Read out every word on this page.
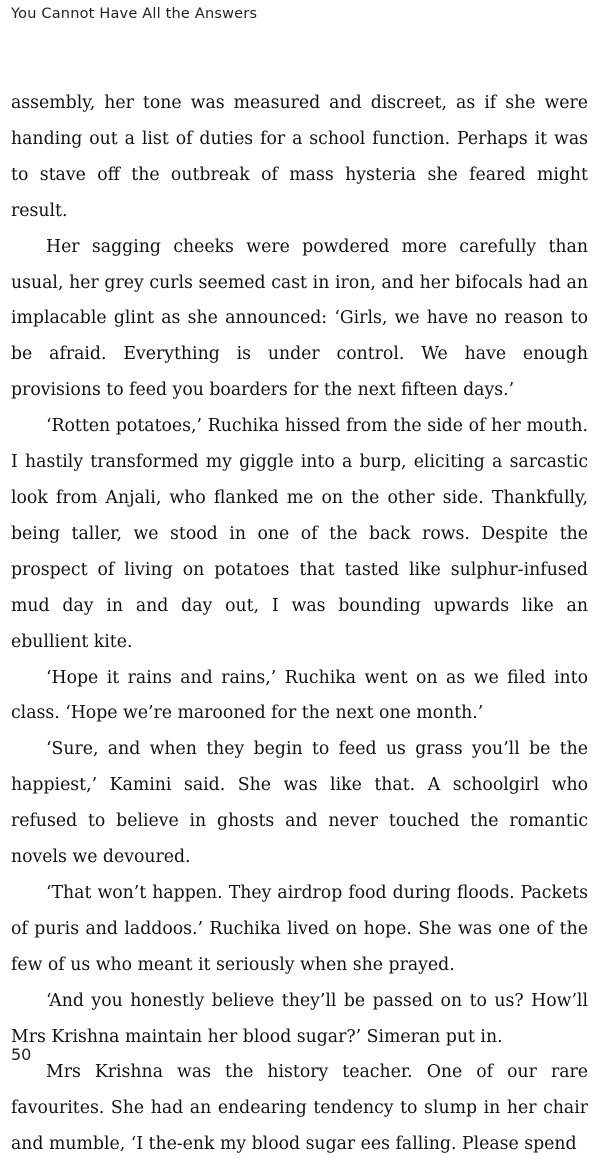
You Cannot Have All the Answers

assembly, her tone was measured and discreet, as if she were handing out a list of duties for a school function. Perhaps it was to stave off the outbreak of mass hysteria she feared might result.

Her sagging cheeks were powdered more carefully than usual, her grey curls seemed cast in iron, and her bifocals had an implacable glint as she announced: ‘Girls, we have no reason to be afraid. Everything is under control. We have enough provisions to feed you boarders for the next fifteen days.’

‘Rotten potatoes,’ Ruchika hissed from the side of her mouth. I hastily transformed my giggle into a burp, eliciting a sarcastic look from Anjali, who flanked me on the other side. Thankfully, being taller, we stood in one of the back rows. Despite the prospect of living on potatoes that tasted like sulphur-infused mud day in and day out, I was bounding upwards like an ebullient kite.

‘Hope it rains and rains,’ Ruchika went on as we filed into class. ‘Hope we’re marooned for the next one month.’

‘Sure, and when they begin to feed us grass you’ll be the happiest,’ Kamini said. She was like that. A schoolgirl who refused to believe in ghosts and never touched the romantic novels we devoured.

‘That won’t happen. They airdrop food during floods. Packets of puris and laddoos.’ Ruchika lived on hope. She was one of the few of us who meant it seriously when she prayed.

‘And you honestly believe they’ll be passed on to us? How’ll Mrs Krishna maintain her blood sugar?’ Simeran put in.

Mrs Krishna was the history teacher. One of our rare favourites. She had an endearing tendency to slump in her chair and mumble, ‘I the-enk my blood sugar ees falling. Please spend

50
